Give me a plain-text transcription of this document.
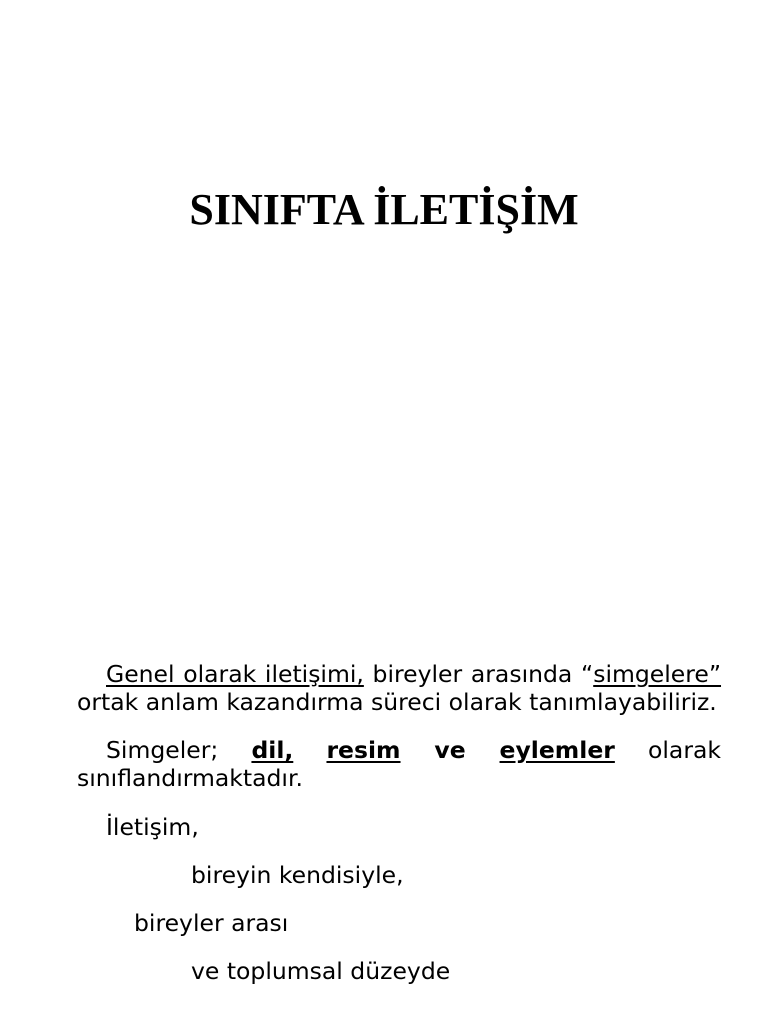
SINIFTA İLETİŞİM

Genel olarak iletişimi, bireyler arasında “simgelere” ortak anlam kazandırma süreci olarak tanımlayabiliriz.

Simgeler; dil, resim ve eylemler olarak sınıflandırmaktadır.

İletişim,
bireyin kendisiyle,
bireyler arası
ve toplumsal düzeyde
